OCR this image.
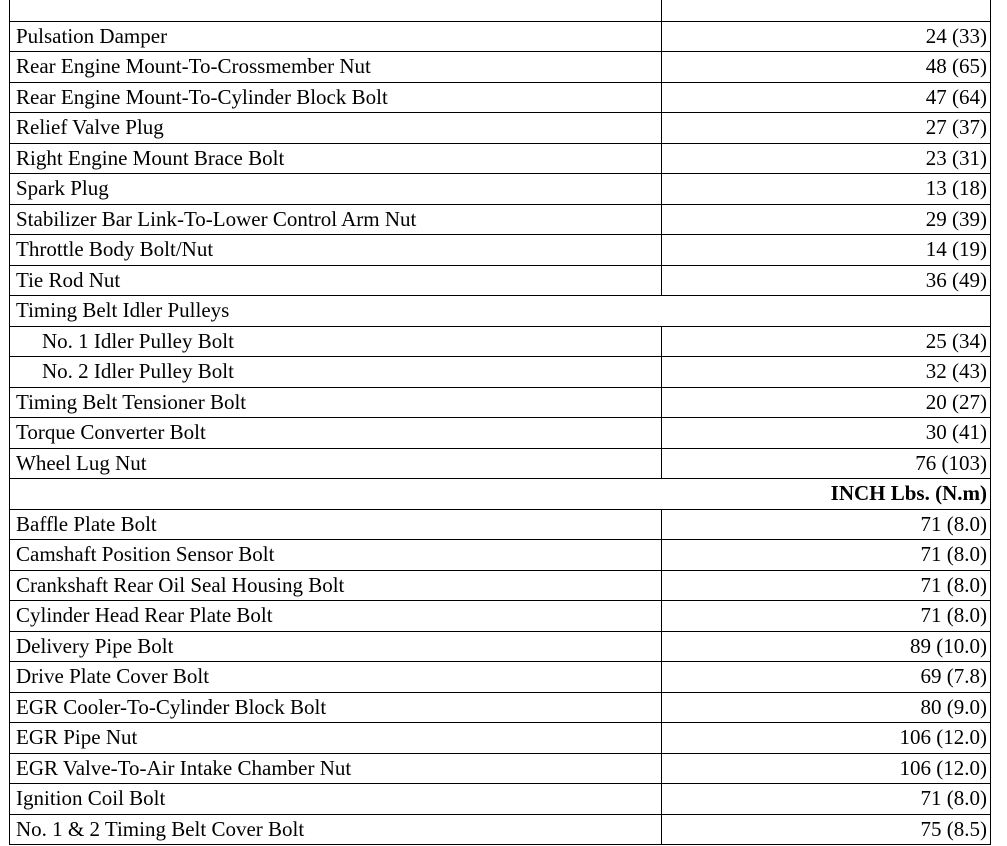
Pulsation Damper	24 (33)
Rear Engine Mount-To-Crossmember Nut	48 (65)
Rear Engine Mount-To-Cylinder Block Bolt	47 (64)
Relief Valve Plug	27 (37)
Right Engine Mount Brace Bolt	23 (31)
Spark Plug	13 (18)
Stabilizer Bar Link-To-Lower Control Arm Nut	29 (39)
Throttle Body Bolt/Nut	14 (19)
Tie Rod Nut	36 (49)
Timing Belt Idler Pulleys	
No. 1 Idler Pulley Bolt	25 (34)
No. 2 Idler Pulley Bolt	32 (43)
Timing Belt Tensioner Bolt	20 (27)
Torque Converter Bolt	30 (41)
Wheel Lug Nut	76 (103)
INCH Lbs. (N.m)	
Baffle Plate Bolt	71 (8.0)
Camshaft Position Sensor Bolt	71 (8.0)
Crankshaft Rear Oil Seal Housing Bolt	71 (8.0)
Cylinder Head Rear Plate Bolt	71 (8.0)
Delivery Pipe Bolt	89 (10.0)
Drive Plate Cover Bolt	69 (7.8)
EGR Cooler-To-Cylinder Block Bolt	80 (9.0)
EGR Pipe Nut	106 (12.0)
EGR Valve-To-Air Intake Chamber Nut	106 (12.0)
Ignition Coil Bolt	71 (8.0)
No. 1 & 2 Timing Belt Cover Bolt	75 (8.5)
